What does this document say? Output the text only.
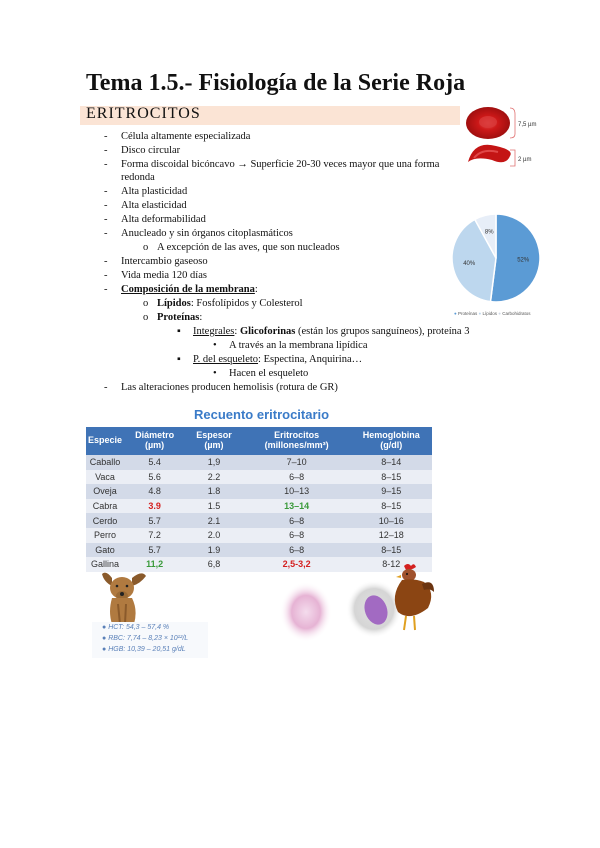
Tema 1.5.- Fisiología de la Serie Roja
ERITROCITOS
- Célula altamente especializada
- Disco circular
- Forma discoidal bicóncavo → Superficie 20-30 veces mayor que una forma
redonda
- Alta plasticidad
- Alta elasticidad
- Alta deformabilidad
- Anucleado y sin órganos citoplasmáticos
o A excepción de las aves, que son nucleados
- Intercambio gaseoso
- Vida media 120 días
- Composición de la membrana:
o Lípidos: Fosfolípidos y Colesterol
o Proteínas:
▪ Integrales: Glicoforinas (están los grupos sanguíneos), proteína 3
• A través an la membrana lipídica
▪ P. del esqueleto: Espectina, Anquirina…
• Hacen el esqueleto
- Las alteraciones producen hemolisis (rotura de GR)
7,5 µm
2 µm
52%
40%
8%
● Proteínas ● Lípidos ● Carbohidratos
Recuento eritrocitario
Especie	Diámetro (µm)	Espesor (µm)	Eritrocitos (millones/mm³)	Hemoglobina (g/dl)
Caballo	5.4	1,9	7–10	8–14
Vaca	5.6	2.2	6–8	8–15
Oveja	4.8	1.8	10–13	9–15
Cabra	3.9	1.5	13–14	8–15
Cerdo	5.7	2.1	6–8	10–16
Perro	7.2	2.0	6–8	12–18
Gato	5.7	1.9	6–8	8–15
Gallina	11,2	6,8	2,5-3,2	8-12
● HCT: 54,3 – 57,4 %
● RBC: 7,74 – 8,23 × 10¹²/L
● HGB: 10,39 – 20,51 g/dL
